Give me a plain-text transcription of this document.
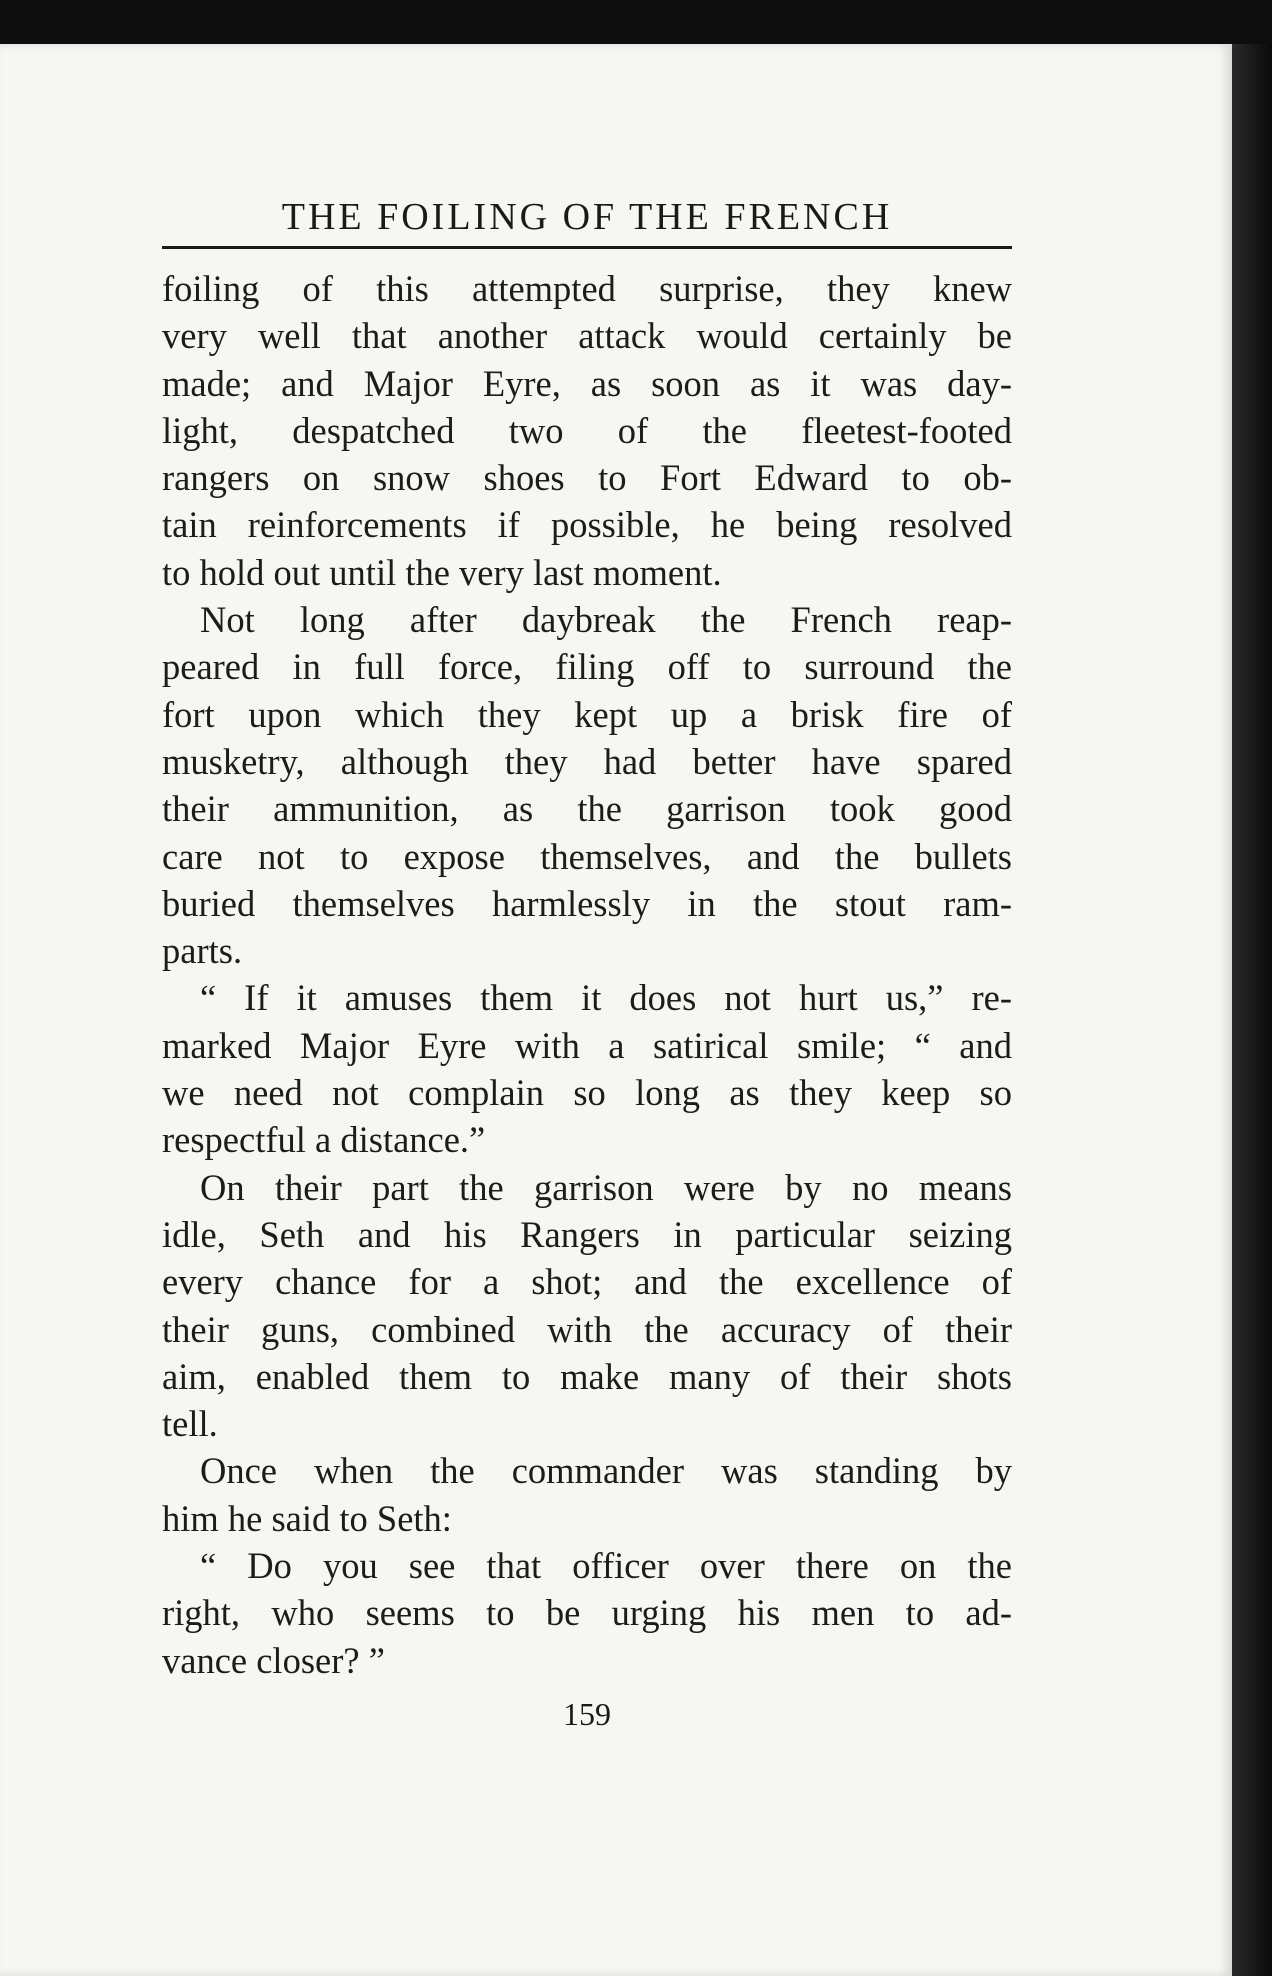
THE FOILING OF THE FRENCH
foiling of this attempted surprise, they knew
very well that another attack would certainly be
made; and Major Eyre, as soon as it was day-
light, despatched two of the fleetest-footed
rangers on snow shoes to Fort Edward to ob-
tain reinforcements if possible, he being resolved
to hold out until the very last moment.
Not long after daybreak the French reap-
peared in full force, filing off to surround the
fort upon which they kept up a brisk fire of
musketry, although they had better have spared
their ammunition, as the garrison took good
care not to expose themselves, and the bullets
buried themselves harmlessly in the stout ram-
parts.
“ If it amuses them it does not hurt us,” re-
marked Major Eyre with a satirical smile; “ and
we need not complain so long as they keep so
respectful a distance.”
On their part the garrison were by no means
idle, Seth and his Rangers in particular seizing
every chance for a shot; and the excellence of
their guns, combined with the accuracy of their
aim, enabled them to make many of their shots
tell.
Once when the commander was standing by
him he said to Seth:
“ Do you see that officer over there on the
right, who seems to be urging his men to ad-
vance closer? ”
159
